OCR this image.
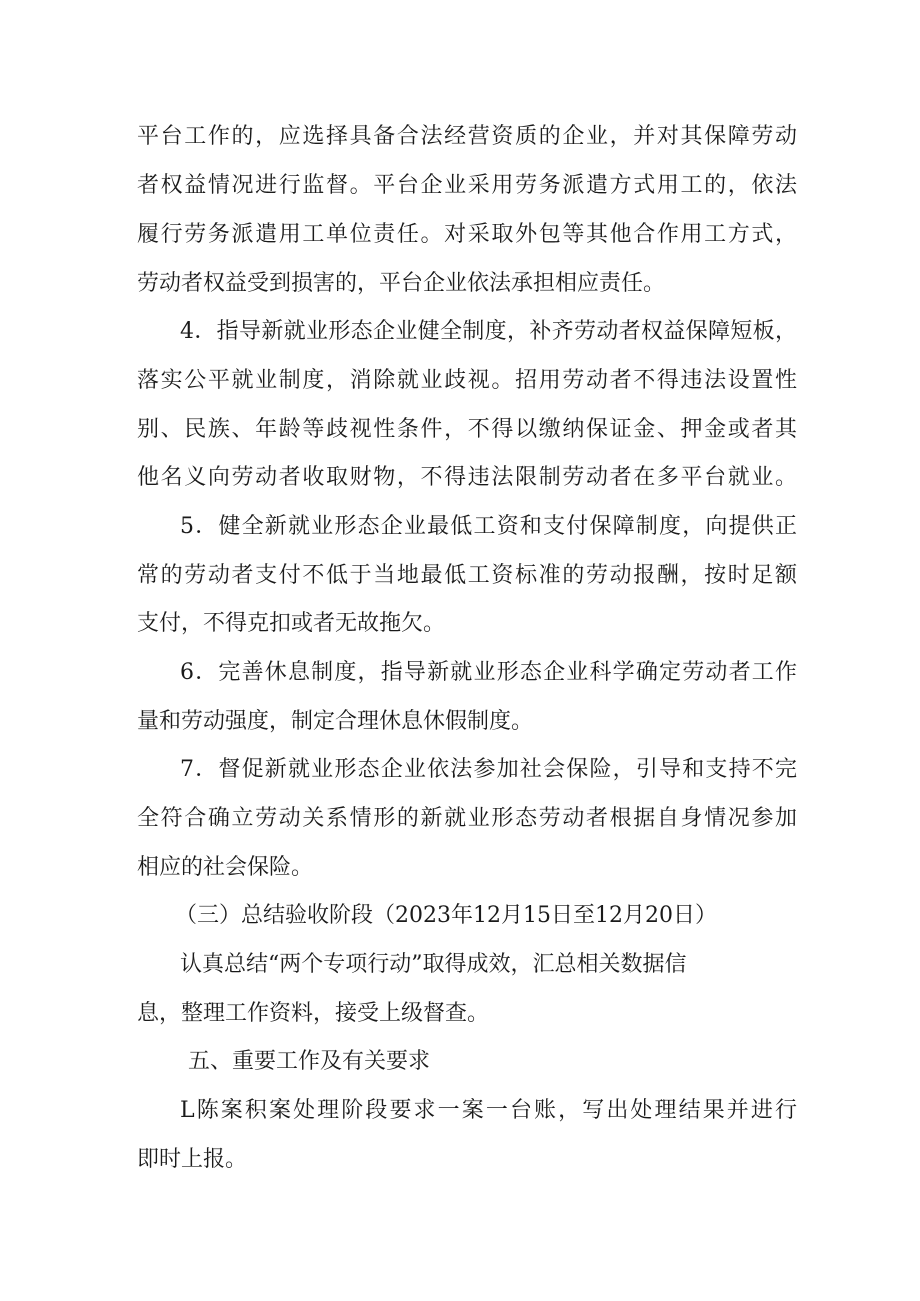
平台工作的，应选择具备合法经营资质的企业，并对其保障劳动
者权益情况进行监督。平台企业采用劳务派遣方式用工的，依法
履行劳务派遣用工单位责任。对采取外包等其他合作用工方式，
劳动者权益受到损害的，平台企业依法承担相应责任。
4．指导新就业形态企业健全制度，补齐劳动者权益保障短板，
落实公平就业制度，消除就业歧视。招用劳动者不得违法设置性
别、民族、年龄等歧视性条件，不得以缴纳保证金、押金或者其
他名义向劳动者收取财物，不得违法限制劳动者在多平台就业。
5．健全新就业形态企业最低工资和支付保障制度，向提供正
常的劳动者支付不低于当地最低工资标准的劳动报酬，按时足额
支付，不得克扣或者无故拖欠。
6．完善休息制度，指导新就业形态企业科学确定劳动者工作
量和劳动强度，制定合理休息休假制度。
7．督促新就业形态企业依法参加社会保险，引导和支持不完
全符合确立劳动关系情形的新就业形态劳动者根据自身情况参加
相应的社会保险。
（三）总结验收阶段（2023年12月15日至12月20日）
认真总结“两个专项行动”取得成效，汇总相关数据信
息，整理工作资料，接受上级督查。
五、重要工作及有关要求
L陈案积案处理阶段要求一案一台账，写出处理结果并进行
即时上报。
